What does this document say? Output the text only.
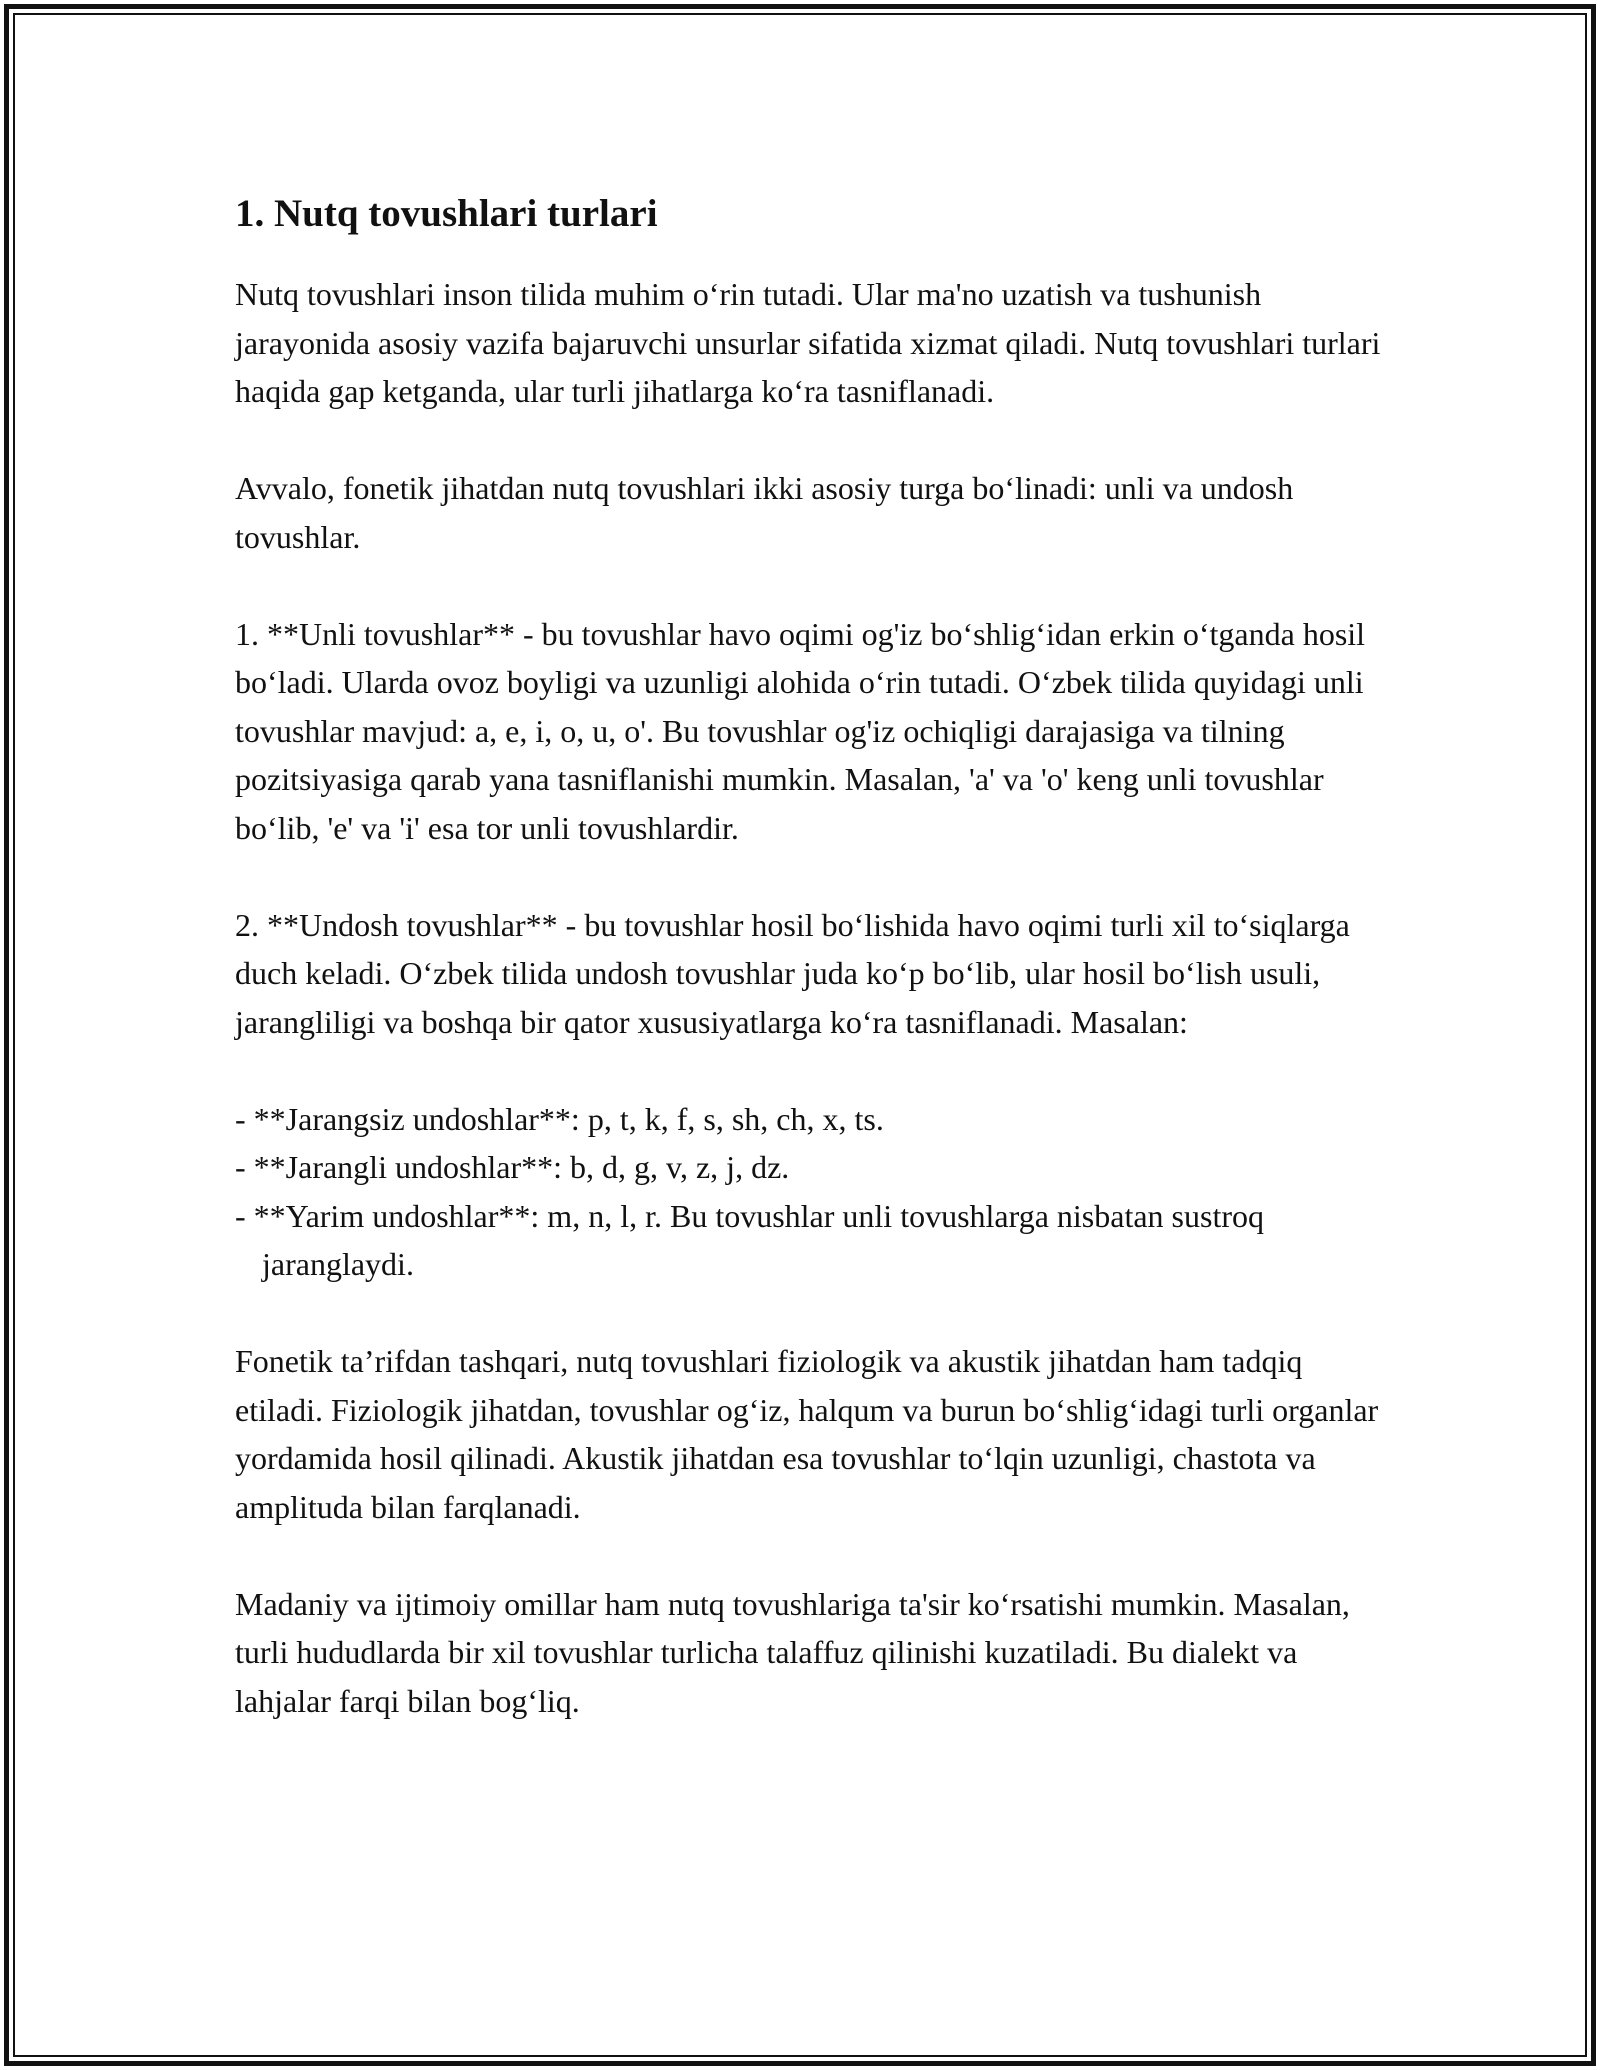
1. Nutq tovushlari turlari

Nutq tovushlari inson tilida muhim o‘rin tutadi. Ular ma'no uzatish va tushunish jarayonida asosiy vazifa bajaruvchi unsurlar sifatida xizmat qiladi. Nutq tovushlari turlari haqida gap ketganda, ular turli jihatlarga ko‘ra tasniflanadi.

Avvalo, fonetik jihatdan nutq tovushlari ikki asosiy turga bo‘linadi: unli va undosh tovushlar.

1. **Unli tovushlar** - bu tovushlar havo oqimi og'iz bo‘shlig‘idan erkin o‘tganda hosil bo‘ladi. Ularda ovoz boyligi va uzunligi alohida o‘rin tutadi. O‘zbek tilida quyidagi unli tovushlar mavjud: a, e, i, o, u, o'. Bu tovushlar og'iz ochiqligi darajasiga va tilning pozitsiyasiga qarab yana tasniflanishi mumkin. Masalan, 'a' va 'o' keng unli tovushlar bo‘lib, 'e' va 'i' esa tor unli tovushlardir.

2. **Undosh tovushlar** - bu tovushlar hosil bo‘lishida havo oqimi turli xil to‘siqlarga duch keladi. O‘zbek tilida undosh tovushlar juda ko‘p bo‘lib, ular hosil bo‘lish usuli, jarangliligi va boshqa bir qator xususiyatlarga ko‘ra tasniflanadi. Masalan:

- **Jarangsiz undoshlar**: p, t, k, f, s, sh, ch, x, ts.
- **Jarangli undoshlar**: b, d, g, v, z, j, dz.
- **Yarim undoshlar**: m, n, l, r. Bu tovushlar unli tovushlarga nisbatan sustroq jaranglaydi.

Fonetik ta’rifdan tashqari, nutq tovushlari fiziologik va akustik jihatdan ham tadqiq etiladi. Fiziologik jihatdan, tovushlar og‘iz, halqum va burun bo‘shlig‘idagi turli organlar yordamida hosil qilinadi. Akustik jihatdan esa tovushlar to‘lqin uzunligi, chastota va amplituda bilan farqlanadi.

Madaniy va ijtimoiy omillar ham nutq tovushlariga ta'sir ko‘rsatishi mumkin. Masalan, turli hududlarda bir xil tovushlar turlicha talaffuz qilinishi kuzatiladi. Bu dialekt va lahjalar farqi bilan bog‘liq.
